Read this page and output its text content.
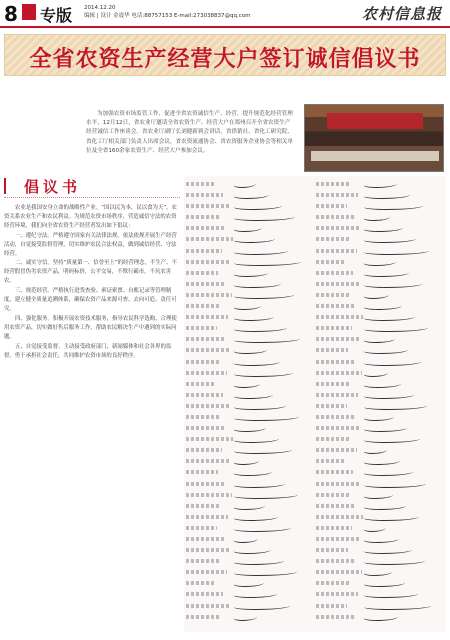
8 专版 2014.12.20
编辑 | 设计 金震华 电话:88757153 E-mail:273038837@qq.com	农村信息报
全省农资生产经营大户签订诚信倡议书
为加强农资市场监管工作，促进全省农资诚信生产、经营，提升规范化经营管理水平，12月12日，省农业厅邀请全省农资生产、经营大户在郑州召开全省农资生产经营诚信工作座谈会。省农业厅副厅长刘健新到会讲话，省供销社、省化工研究院、省化工厅相关部门负责人出席会议。省农资流通协会、省农资服务企业协会等相关单位及全省160余家农资生产、经营大户参加会议。
倡议书

农业是我国安身立命的战略性产业。“国以民为本，民以食为天”，农资关系农业生产和农民利益。为规范农资市场秩序，营造诚信守法的农资经营环境，我们向全省农资生产经营者发出如下倡议：

一、遵纪守法。严格遵守国家有关法律法规，依法依规开展生产经营活动，自觉接受监督管理，切实维护农民合法权益，做到诚信经营、守法经营。

二、诚实守信。坚持“质量第一、信誉至上”的经营理念，不生产、不经营假冒伪劣农资产品，明码标价，公平交易，不欺行霸市，不坑农害农。

三、规范经营。严格执行进货查验、索证索票、台账记录等管理制度，建立健全质量追溯体系，确保农资产品来源可查、去向可追、责任可究。

四、强化服务。积极开展农资技术服务，指导农民科学选购、合理使用农资产品，切实做好售后服务工作，帮助农民解决生产中遇到的实际问题。

五、自觉接受监督。主动接受政府部门、新闻媒体和社会各界的监督，勇于承担社会责任，共同维护农资市场的良好秩序。
